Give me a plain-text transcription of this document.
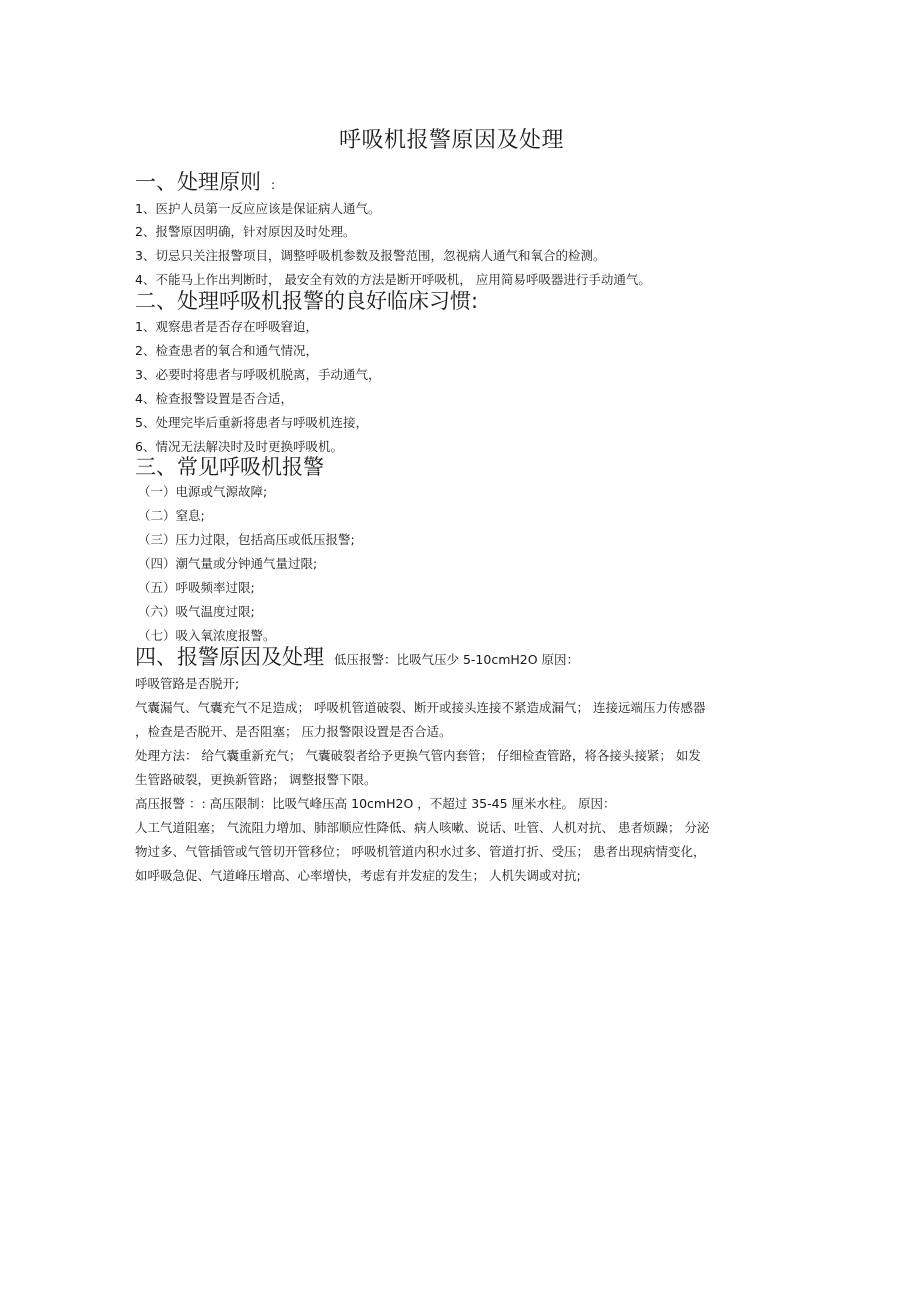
呼吸机报警原因及处理
一、处理原则 :

1、医护人员第一反应应该是保证病人通气。

2、报警原因明确，针对原因及时处理。

3、切忌只关注报警项目，调整呼吸机参数及报警范围，忽视病人通气和氧合的检测。

4、不能马上作出判断时， 最安全有效的方法是断开呼吸机， 应用简易呼吸器进行手动通气。

二、处理呼吸机报警的良好临床习惯:

1、观察患者是否存在呼吸窘迫，

2、检查患者的氧合和通气情况，

3、必要时将患者与呼吸机脱离，手动通气，

4、检查报警设置是否合适，

5、处理完毕后重新将患者与呼吸机连接，

6、情况无法解决时及时更换呼吸机。

三、常见呼吸机报警

（一）电源或气源故障;

（二）窒息;

（三）压力过限，包括高压或低压报警;

（四）潮气量或分钟通气量过限;

（五）呼吸频率过限;

（六）吸气温度过限;

（七）吸入氧浓度报警。

四、报警原因及处理 低压报警：比吸气压少 5-10cmH2O 原因：

呼吸管路是否脱开;

气囊漏气、气囊充气不足造成； 呼吸机管道破裂、断开或接头连接不紧造成漏气； 连接远端压力传感器

，检查是否脱开、是否阻塞； 压力报警限设置是否合适。

处理方法： 给气囊重新充气； 气囊破裂者给予更换气管内套管； 仔细检查管路，将各接头接紧； 如发

生管路破裂，更换新管路； 调整报警下限。

高压报警 ：: 高压限制：比吸气峰压高 10cmH2O ，不超过 35-45 厘米水柱。 原因：

人工气道阻塞； 气流阻力增加、肺部顺应性降低、病人咳嗽、说话、吐管、人机对抗、 患者烦躁； 分泌

物过多、气管插管或气管切开管移位； 呼吸机管道内积水过多、管道打折、受压； 患者出现病情变化，

如呼吸急促、气道峰压增高、心率增快，考虑有并发症的发生； 人机失调或对抗;
